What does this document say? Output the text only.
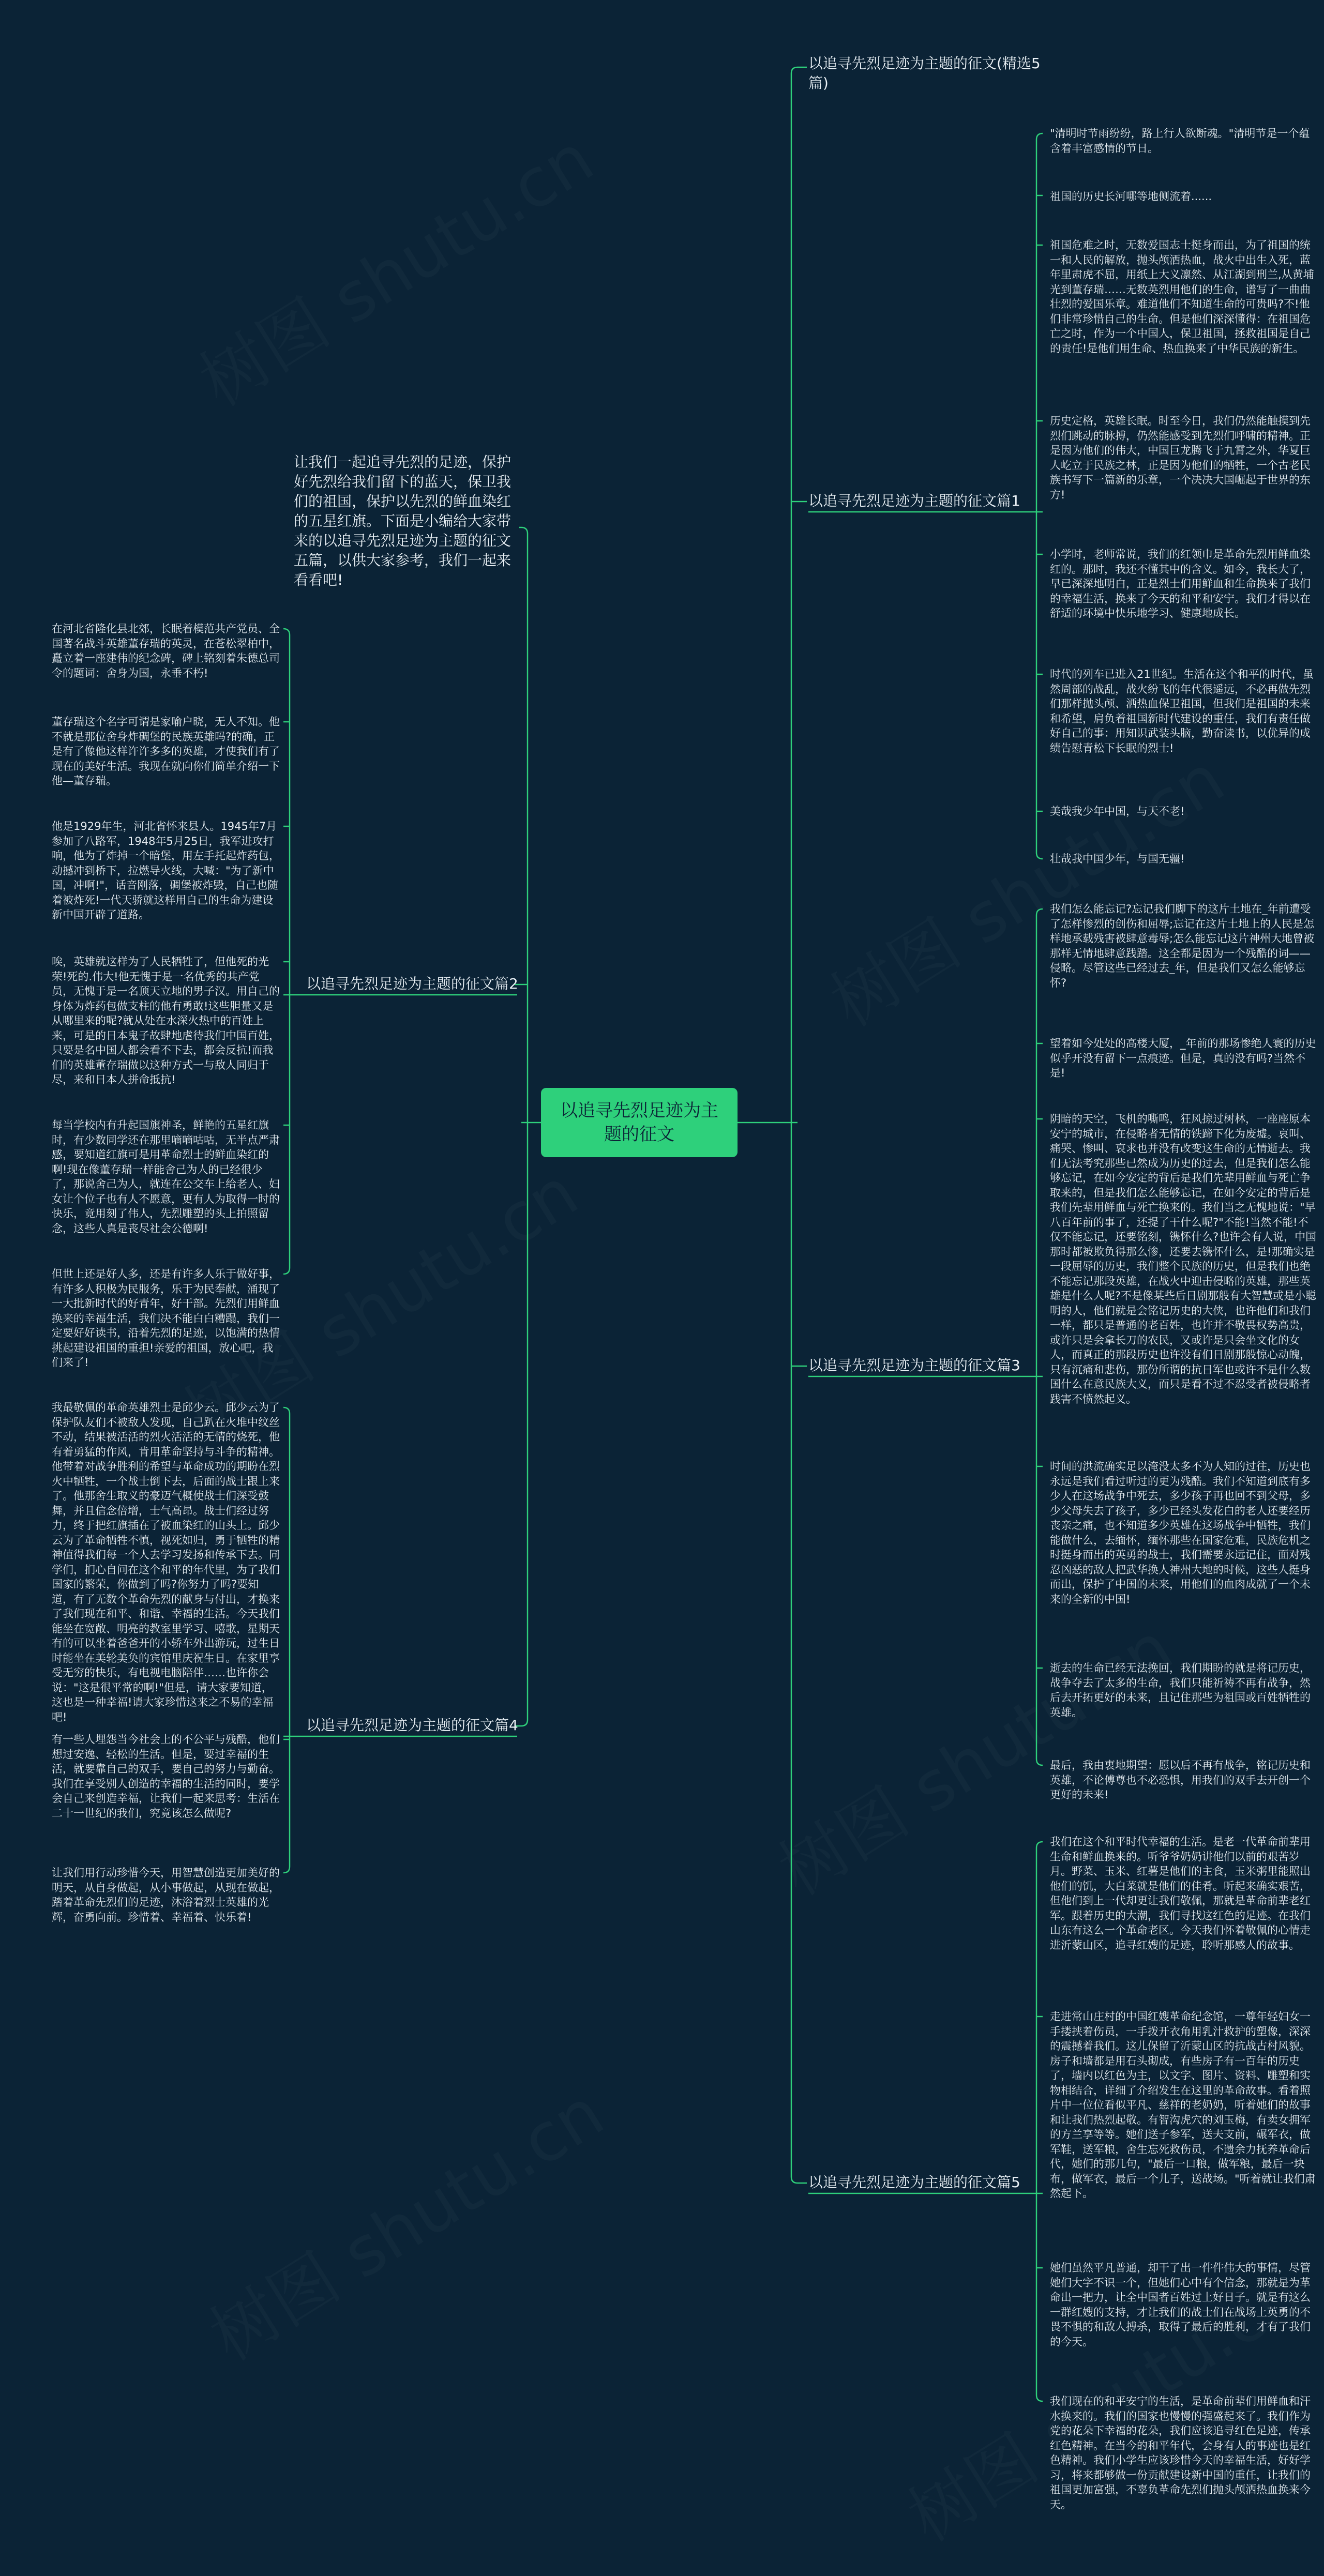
以追寻先烈足迹为主题的征文
以追寻先烈足迹为主题的征文(精选5篇)
以追寻先烈足迹为主题的征文篇1
以追寻先烈足迹为主题的征文篇2
以追寻先烈足迹为主题的征文篇3
以追寻先烈足迹为主题的征文篇4
以追寻先烈足迹为主题的征文篇5
让我们一起追寻先烈的足迹，保护好先烈给我们留下的蓝天，保卫我们的祖国，保护以先烈的鲜血染红的五星红旗。下面是小编给大家带来的以追寻先烈足迹为主题的征文五篇，以供大家参考，我们一起来看看吧!
"清明时节雨纷纷，路上行人欲断魂。"清明节是一个蕴含着丰富感情的节日。
祖国的历史长河哪等地侧流着......
祖国危难之时，无数爱国志士挺身而出，为了祖国的统一和人民的解放，抛头颅洒热血，战火中出生入死，蓝年里肃虎不屈，用纸上大义凛然、从江湖到刑兰,从黄埔光到董存瑞……无数英烈用他们的生命，谱写了一曲曲壮烈的爱国乐章。难道他们不知道生命的可贵吗?不!他们非常珍惜自己的生命。但是他们深深懂得：在祖国危亡之时，作为一个中国人，保卫祖国，拯救祖国是自己的责任!是他们用生命、热血换来了中华民族的新生。
历史定格，英雄长眠。时至今日，我们仍然能触摸到先烈们跳动的脉搏，仍然能感受到先烈们呼啸的精神。正是因为他们的伟大，中国巨龙腾飞于九霄之外，华夏巨人屹立于民族之林，正是因为他们的牺牲，一个古老民族书写下一篇新的乐章，一个决决大国崛起于世界的东方!
小学时，老师常说，我们的红领巾是革命先烈用鲜血染红的。那时，我还不懂其中的含义。如今，我长大了，早已深深地明白，正是烈士们用鲜血和生命换来了我们的幸福生活，换来了今天的和平和安宁。我们才得以在舒适的环境中快乐地学习、健康地成长。
时代的列车已进入21世纪。生活在这个和平的时代，虽然周部的战乱，战火纷飞的年代很遥远，不必再做先烈们那样抛头颅、洒热血保卫祖国，但我们是祖国的未来和希望，肩负着祖国新时代建设的重任，我们有责任做好自己的事：用知识武装头脑，勤奋读书，以优异的成绩告慰青松下长眠的烈士!
美哉我少年中国，与天不老!
壮哉我中国少年，与国无疆!
在河北省隆化县北郊，长眠着模范共产党员、全国著名战斗英雄董存瑞的英灵，在苍松翠柏中，矗立着一座建伟的纪念碑，碑上铭刻着朱德总司令的题词：舍身为国，永垂不朽!
董存瑞这个名字可谓是家喻户晓，无人不知。他不就是那位舍身炸碉堡的民族英雄吗?的确，正是有了像他这样许许多多的英雄，才使我们有了现在的美好生活。我现在就向你们简单介绍一下他—董存瑞。
他是1929年生，河北省怀来县人。1945年7月参加了八路军，1948年5月25日，我军进攻打响，他为了炸掉一个暗堡，用左手托起炸药包，动撼冲到桥下，拉燃导火线，大喊："为了新中国，冲啊!"，话音刚落，碉堡被炸毁，自己也随着被炸死!一代天骄就这样用自己的生命为建设新中国开辟了道路。
唉，英雄就这样为了人民牺牲了，但他死的光荣!死的.伟大!他无愧于是一名优秀的共产党员，无愧于是一名顶天立地的男子汉。用自己的身体为炸药包做支柱的他有勇敢!这些胆量又是从哪里来的呢?就从处在水深火热中的百姓上来，可是的日本鬼子故肆地虐待我们中国百姓，只要是名中国人都会看不下去，都会反抗!而我们的英雄董存瑞做以这种方式一与敌人同归于尽，来和日本人拼命抵抗!
每当学校内有升起国旗神圣，鲜艳的五星红旗时，有少数同学还在那里嘀嘀咕咕，无半点严肃感，要知道红旗可是用革命烈士的鲜血染红的啊!现在像董存瑞一样能舍己为人的已经很少了，那说舍己为人，就连在公交车上给老人、妇女让个位子也有人不愿意，更有人为取得一时的快乐，竟用刻了伟人，先烈雕塑的头上拍照留念，这些人真是丧尽社会公德啊!
但世上还是好人多，还是有许多人乐于做好事，有许多人积极为民服务，乐于为民奉献，涌现了一大批新时代的好青年，好干部。先烈们用鲜血换来的幸福生活，我们决不能白白糟蹋，我们一定要好好读书，沿着先烈的足迹，以饱满的热情挑起建设祖国的重担!亲爱的祖国，放心吧，我们来了!
我们怎么能忘记?忘记我们脚下的这片土地在_年前遭受了怎样惨烈的创伤和屈辱;忘记在这片土地上的人民是怎样地承载残害被肆意毒辱;怎么能忘记这片神州大地曾被那样无情地肆意践踏。这全都是因为一个残酷的词——侵略。尽管这些已经过去_年，但是我们又怎么能够忘怀?
望着如今处处的高楼大厦，_年前的那场惨绝人寰的历史似乎开没有留下一点痕迹。但是，真的没有吗?当然不是!
阴暗的天空，飞机的嘶鸣，狂风掠过树林，一座座原本安宁的城市，在侵略者无情的铁蹄下化为废墟。哀叫、痛哭、惨叫、哀求也并没有改变这生命的无情逝去。我们无法考究那些已然成为历史的过去，但是我们怎么能够忘记，在如今安定的背后是我们先辈用鲜血与死亡争取来的，但是我们怎么能够忘记，在如今安定的背后是我们先辈用鲜血与死亡换来的。我们当之无愧地说："早八百年前的事了，还提了干什么呢?"不能!当然不能!不仅不能忘记，还要铭刻，镌怀什么?也许会有人说，中国那时都被欺负得那么惨，还要去镌怀什么，是!那确实是一段屈辱的历史，我们整个民族的历史，但是我们也绝不能忘记那段英雄，在战火中迎击侵略的英雄，那些英雄是什么人呢?不是像某些后日剧那般有大智慧或是小聪明的人，他们就是会铭记历史的大侠，也许他们和我们一样，都只是普通的老百姓，也许并不敬畏权势高贵，或许只是会拿长刀的农民，又或许是只会坐文化的女人，而真正的那段历史也许没有们日剧那般惊心动魄，只有沉痛和悲伤，那份所谓的抗日军也或许不是什么数国什么在意民族大义，而只是看不过不忍受者被侵略者践害不愤然起义。
时间的洪流确实足以淹没太多不为人知的过往，历史也永远是我们看过听过的更为残酷。我们不知道到底有多少人在这场战争中死去，多少孩子再也回不到父母，多少父母失去了孩子，多少已经头发花白的老人还要经历丧亲之痛，也不知道多少英雄在这场战争中牺牲，我们能做什么，去缅怀，缅怀那些在国家危难，民族危机之时挺身而出的英勇的战士，我们需要永远记住，面对残忍凶恶的敌人把武华换人神州大地的时候，这些人挺身而出，保护了中国的未来，用他们的血肉成就了一个未来的全新的中国!
逝去的生命已经无法挽回，我们期盼的就是将记历史，战争夺去了太多的生命，我们只能祈祷不再有战争，然后去开拓更好的未来，且记住那些为祖国或百姓牺牲的英雄。
最后，我由衷地期望：愿以后不再有战争，铭记历史和英雄，不论傅尊也不必恐惧，用我们的双手去开创一个更好的未来!
我最敬佩的革命英雄烈士是邱少云。邱少云为了保护队友们不被敌人发现，自己趴在火堆中纹丝不动，结果被活活的烈火活活的无情的烧死，他有着勇猛的作风，肯用革命坚持与斗争的精神。他带着对战争胜利的希望与革命成功的期盼在烈火中牺牲，一个战士倒下去，后面的战士跟上来了。他那舍生取义的豪迈气概使战士们深受鼓舞，并且信念倍增，士气高昂。战士们经过努力，终于把红旗插在了被血染红的山头上。邱少云为了革命牺牲不慎，视死如归，勇于牺牲的精神值得我们每一个人去学习发扬和传承下去。同学们，扪心自问在这个和平的年代里，为了我们国家的繁荣，你做到了吗?你努力了吗?要知道，有了无数个革命先烈的献身与付出，才换来了我们现在和平、和谐、幸福的生活。今天我们能坐在宽敞、明亮的教室里学习、嘻歌，星期天有的可以坐着爸爸开的小轿车外出游玩，过生日时能坐在美轮美奂的宾馆里庆祝生日。在家里享受无穷的快乐，有电视电脑陪伴……也许你会说："这是很平常的啊!"但是，请大家要知道，这也是一种幸福!请大家珍惜这来之不易的幸福吧!
有一些人埋怨当今社会上的不公平与残酷，他们想过安逸、轻松的生活。但是，要过幸福的生活，就要靠自己的双手，要自己的努力与勤奋。我们在享受别人创造的幸福的生活的同时，要学会自己来创造幸福，让我们一起来思考：生活在二十一世纪的我们，究竟该怎么做呢?
让我们用行动珍惜今天，用智慧创造更加美好的明天，从自身做起，从小事做起，从现在做起，踏着革命先烈们的足迹，沐浴着烈士英雄的光辉，奋勇向前。珍惜着、幸福着、快乐着!
我们在这个和平时代幸福的生活。是老一代革命前辈用生命和鲜血换来的。听爷爷奶奶讲他们以前的艰苦岁月。野菜、玉米、红薯是他们的主食，玉米粥里能照出他们的饥，大白菜就是他们的佳肴。听起来确实艰苦，但他们到上一代却更让我们敬佩，那就是革命前辈老红军。跟着历史的大潮，我们寻找这红色的足迹。在我们山东有这么一个革命老区。今天我们怀着敬佩的心情走进沂蒙山区，追寻红嫂的足迹，聆听那感人的故事。
走进常山庄村的中国红嫂革命纪念馆，一尊年轻妇女一手搂挟着伤员，一手拨开衣角用乳汁救护的塑像，深深的震撼着我们。这儿保留了沂蒙山区的抗战古村风貌。房子和墙都是用石头砌成，有些房子有一百年的历史了，墙内以红色为主，以文字、图片、资料、雕塑和实物相结合，详细了介绍发生在这里的革命故事。看着照片中一位位看似平凡、慈祥的老奶奶，听着她们的故事和让我们热烈起敬。有智沟虎穴的刘玉梅，有卖女拥军的方兰享等等。她们送子参军，送夫支前，碾军衣，做军鞋，送军粮，舍生忘死救伤员，不遗余力抚养革命后代，她们的那几句，"最后一口粮，做军粮，最后一块布，做军衣，最后一个儿子，送战场。"听着就让我们肃然起下。
她们虽然平凡普通，却干了出一件件伟大的事情，尽管她们大字不识一个，但她们心中有个信念，那就是为革命出一把力，让全中国者百姓过上好日子。就是有这么一群红嫂的支持，才让我们的战士们在战场上英勇的不畏不惧的和敌人搏杀，取得了最后的胜利，才有了我们的今天。
我们现在的和平安宁的生活，是革命前辈们用鲜血和汗水换来的。我们的国家也慢慢的强盛起来了。我们作为党的花朵下幸福的花朵，我们应该追寻红色足迹，传承红色精神。在当今的和平年代，会身有人的事迹也是红色精神。我们小学生应该珍惜今天的幸福生活，好好学习，将来都够做一份贡献建设新中国的重任，让我们的祖国更加富强，不辜负革命先烈们抛头颅洒热血换来今天。
